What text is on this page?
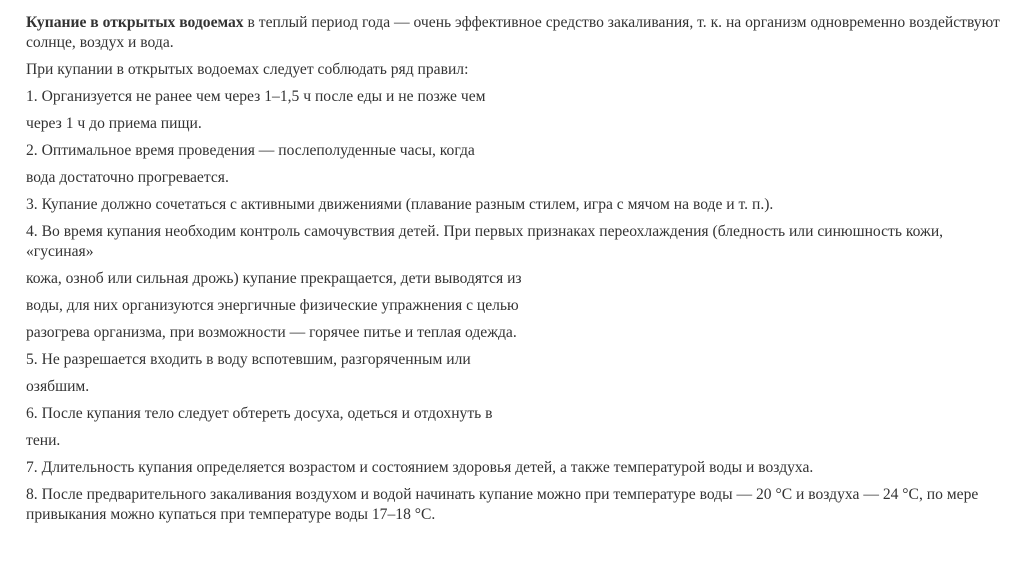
Купание в открытых водоемах в теплый период года — очень эффективное средство закаливания, т. к. на организм одновременно воздействуют солнце, воздух и вода.

При купании в открытых водоемах следует соблюдать ряд правил:

1. Организуется не ранее чем через 1–1,5 ч после еды и не позже чем

через 1 ч до приема пищи.

2. Оптимальное время проведения — послеполуденные часы, когда

вода достаточно прогревается.

3. Купание должно сочетаться с активными движениями (плавание разным стилем, игра с мячом на воде и т. п.).

4. Во время купания необходим контроль самочувствия детей. При первых признаках переохлаждения (бледность или синюшность кожи, «гусиная»

кожа, озноб или сильная дрожь) купание прекращается, дети выводятся из

воды, для них организуются энергичные физические упражнения с целью

разогрева организма, при возможности — горячее питье и теплая одежда.

5. Не разрешается входить в воду вспотевшим, разгоряченным или

озябшим.

6. После купания тело следует обтереть досуха, одеться и отдохнуть в

тени.

7. Длительность купания определяется возрастом и состоянием здоровья детей, а также температурой воды и воздуха.

8. После предварительного закаливания воздухом и водой начинать купание можно при температуре воды — 20 °С и воздуха — 24 °С, по мере привыкания можно купаться при температуре воды 17–18 °С.
